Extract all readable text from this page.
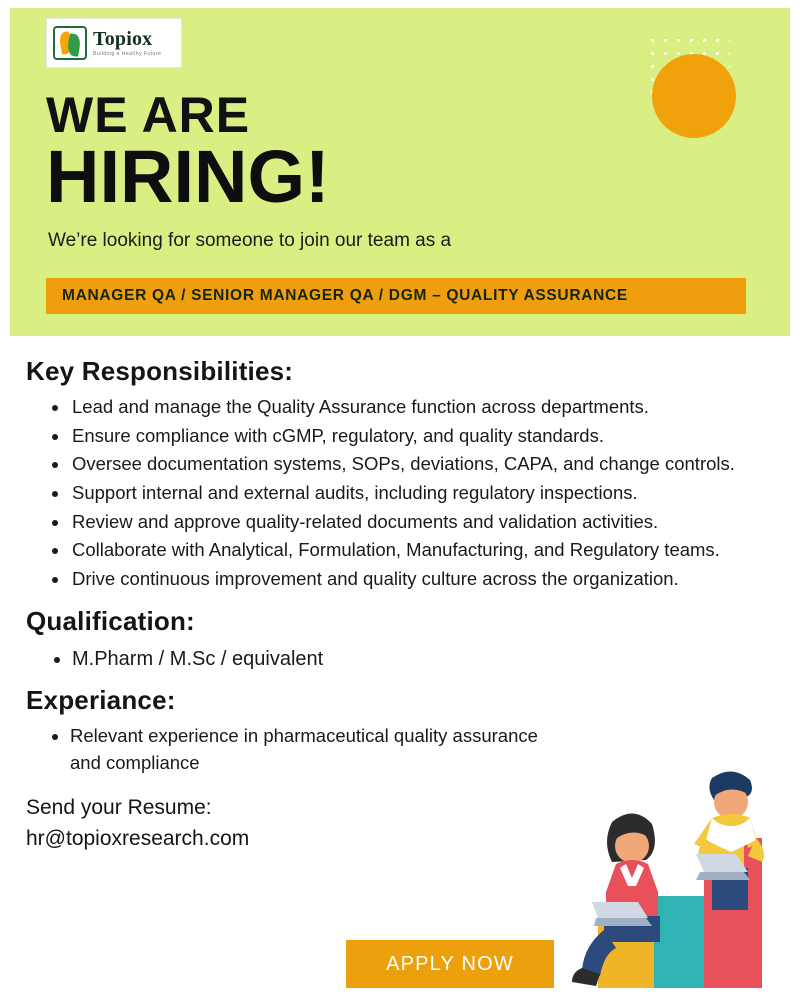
Topiox
Building a Healthy Future
WE ARE
HIRING!
We’re looking for someone to join our team as a
MANAGER QA / SENIOR MANAGER QA / DGM – QUALITY ASSURANCE
Key Responsibilities:
• Lead and manage the Quality Assurance function across departments.
• Ensure compliance with cGMP, regulatory, and quality standards.
• Oversee documentation systems, SOPs, deviations, CAPA, and change controls.
• Support internal and external audits, including regulatory inspections.
• Review and approve quality-related documents and validation activities.
• Collaborate with Analytical, Formulation, Manufacturing, and Regulatory teams.
• Drive continuous improvement and quality culture across the organization.
Qualification:
• M.Pharm / M.Sc / equivalent
Experiance:
• Relevant experience in pharmaceutical quality assurance and compliance
Send your Resume:
hr@topioxresearch.com
APPLY NOW
